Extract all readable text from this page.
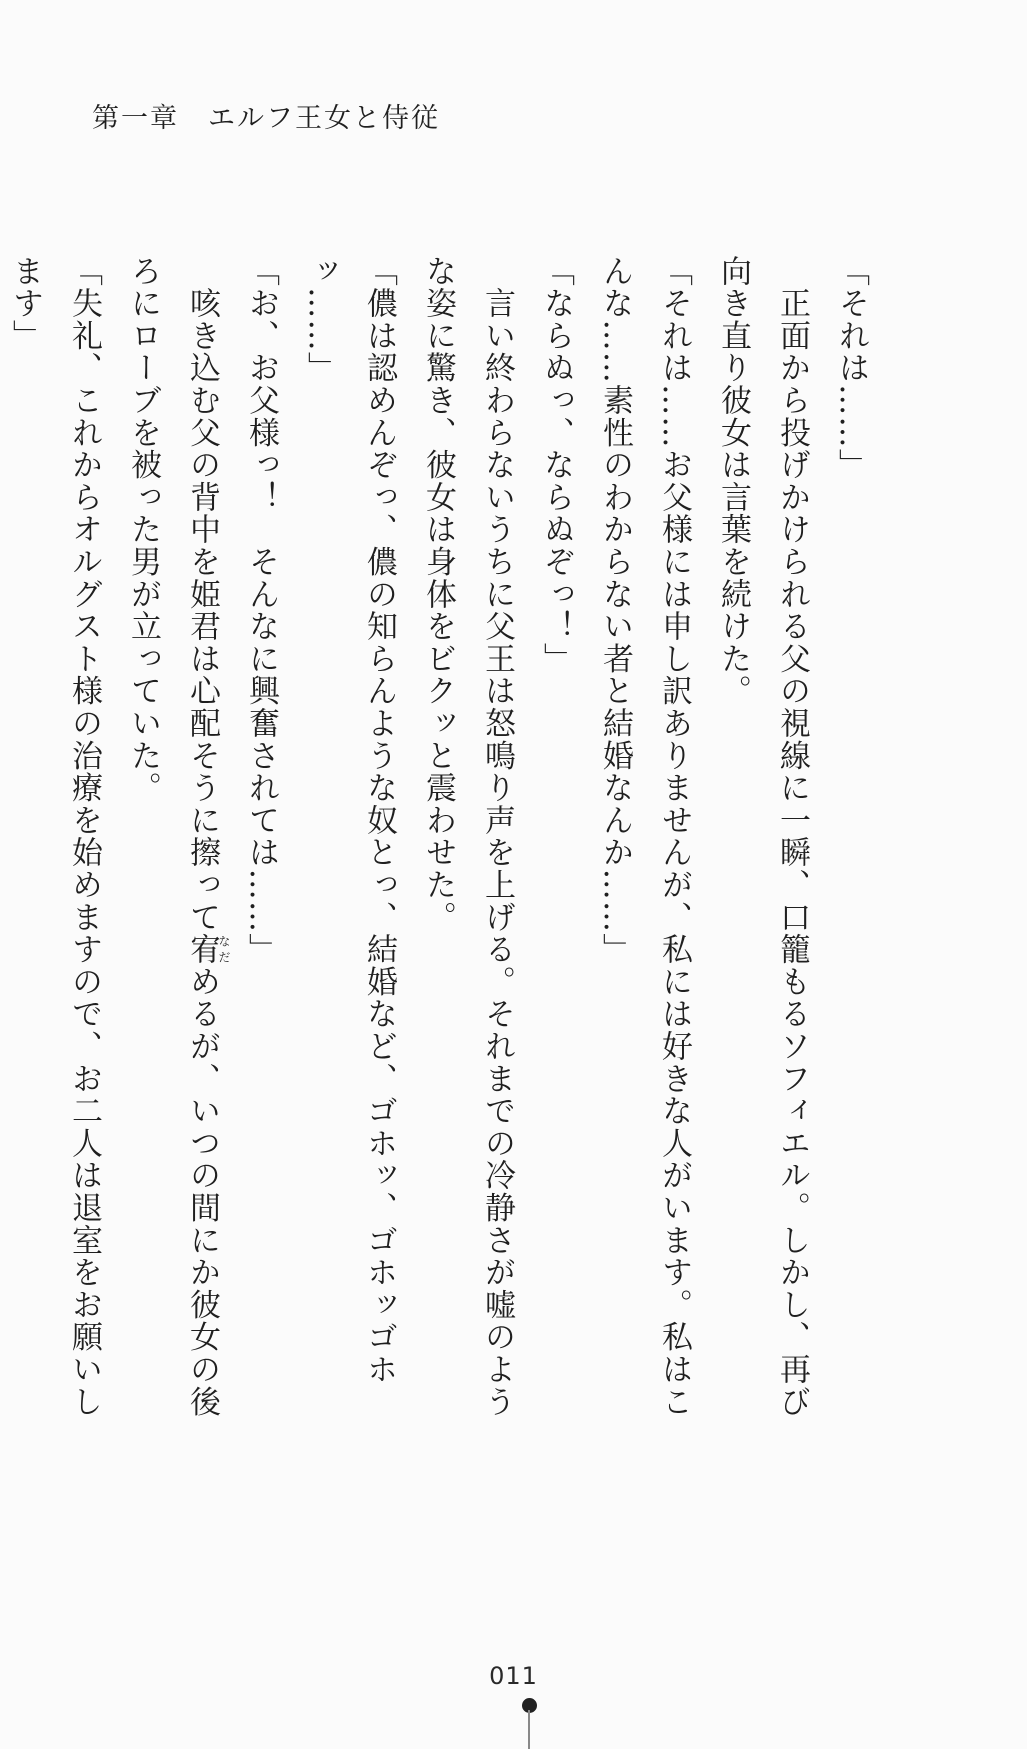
第一章　エルフ王女と侍従

「それは……」

　正面から投げかけられる父の視線に一瞬、口籠もるソフィエル。しかし、再び向き直り彼女は言葉を続けた。

「それは……お父様には申し訳ありませんが、私には好きな人がいます。私はこんな……素性のわからない者と結婚なんか……」

「ならぬっ、ならぬぞっ！」

　言い終わらないうちに父王は怒鳴り声を上げる。それまでの冷静さが嘘のような姿に驚き、彼女は身体をビクッと震わせた。

「儂は認めんぞっ、儂の知らんような奴とっ、結婚など、ゴホッ、ゴホッゴホッ……」

「お、お父様っ！　そんなに興奮されては……」

　咳き込む父の背中を姫君は心配そうに擦って宥なだめるが、いつの間にか彼女の後ろにローブを被った男が立っていた。

「失礼、これからオルグスト様の治療を始めますので、お二人は退室をお願いします」

011
